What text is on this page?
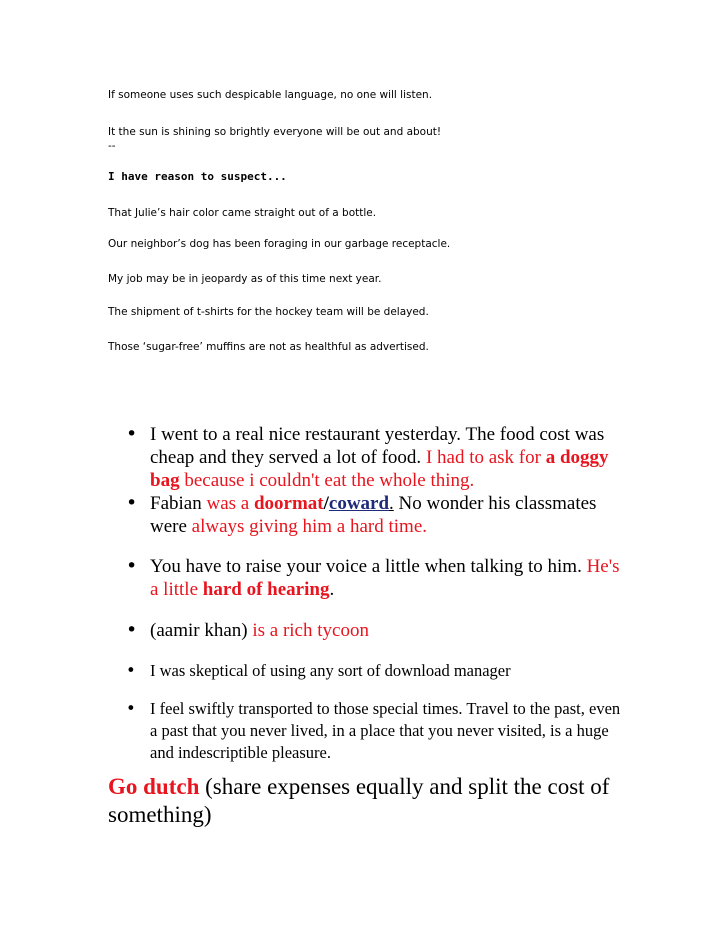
If someone uses such despicable language, no one will listen.
It the sun is shining so brightly everyone will be out and about!
--
I have reason to suspect...
That Julie’s hair color came straight out of a bottle.
Our neighbor’s dog has been foraging in our garbage receptacle.
My job may be in jeopardy as of this time next year.
The shipment of t-shirts for the hockey team will be delayed.
Those ‘sugar-free’ muffins are not as healthful as advertised.
• I went to a real nice restaurant yesterday. The food cost was cheap and they served a lot of food. I had to ask for a doggy bag because i couldn't eat the whole thing.
• Fabian was a doormat/coward. No wonder his classmates were always giving him a hard time.
• You have to raise your voice a little when talking to him. He's a little hard of hearing.
• (aamir khan) is a rich tycoon
• I was skeptical of using any sort of download manager
• I feel swiftly transported to those special times. Travel to the past, even a past that you never lived, in a place that you never visited, is a huge and indescriptible pleasure.
Go dutch (share expenses equally and split the cost of something)
